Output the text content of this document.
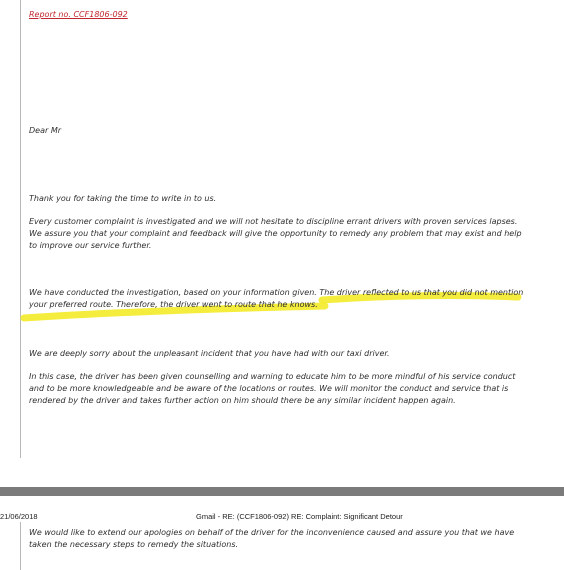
Report no. CCF1806-092

Dear Mr

Thank you for taking the time to write in to us.

Every customer complaint is investigated and we will not hesitate to discipline errant drivers with proven services lapses. We assure you that your complaint and feedback will give the opportunity to remedy any problem that may exist and help to improve our service further.

We have conducted the investigation, based on your information given. The driver reflected to us that you did not mention your preferred route. Therefore, the driver went to route that he knows.

We are deeply sorry about the unpleasant incident that you have had with our taxi driver.

In this case, the driver has been given counselling and warning to educate him to be more mindful of his service conduct and to be more knowledgeable and be aware of the locations or routes. We will monitor the conduct and service that is rendered by the driver and takes further action on him should there be any similar incident happen again.

21/06/2018	Gmail - RE: (CCF1806-092) RE: Complaint: Significant Detour

We would like to extend our apologies on behalf of the driver for the inconvenience caused and assure you that we have taken the necessary steps to remedy the situations.
